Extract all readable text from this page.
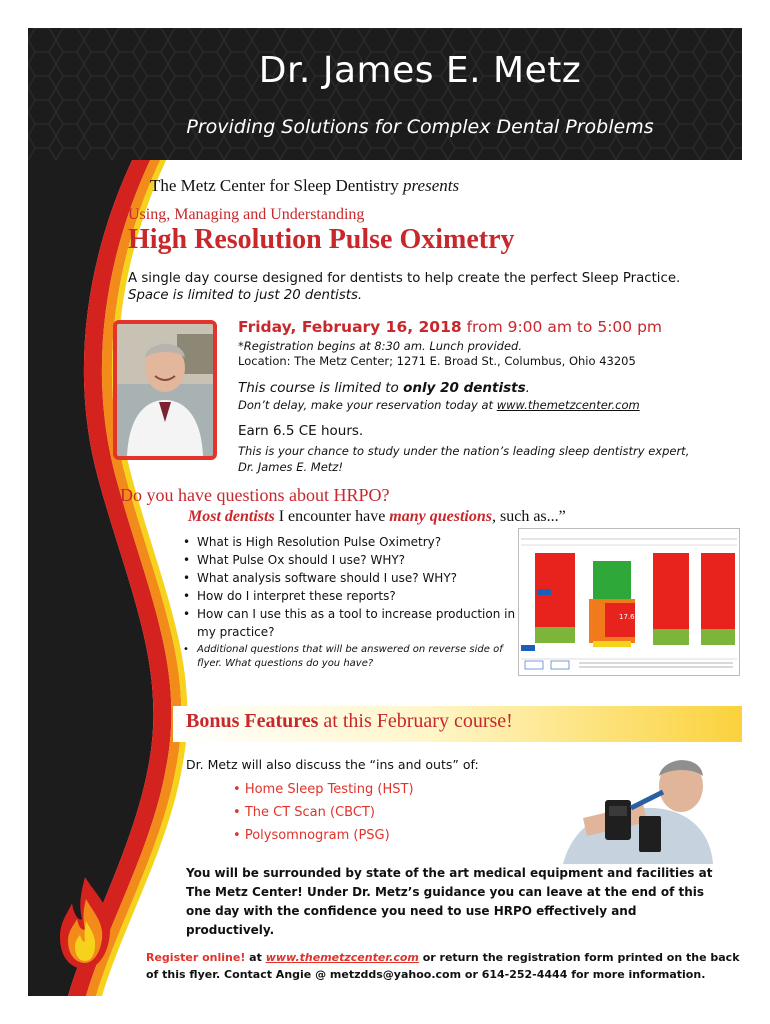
Dr. James E. Metz
Providing Solutions for Complex Dental Problems
The Metz Center for Sleep Dentistry presents
Using, Managing and Understanding
High Resolution Pulse Oximetry
A single day course designed for dentists to help create the perfect Sleep Practice.
Space is limited to just 20 dentists.
Friday, February 16, 2018 from 9:00 am to 5:00 pm
*Registration begins at 8:30 am. Lunch provided.
Location: The Metz Center; 1271 E. Broad St., Columbus, Ohio 43205
This course is limited to only 20 dentists.
Don’t delay, make your reservation today at www.themetzcenter.com
Earn 6.5 CE hours.
This is your chance to study under the nation’s leading sleep dentistry expert,
Dr. James E. Metz!
“Do you have questions about HRPO?
Most dentists I encounter have many questions, such as...”
• What is High Resolution Pulse Oximetry?
• What Pulse Ox should I use? WHY?
• What analysis software should I use? WHY?
• How do I interpret these reports?
• How can I use this as a tool to increase production in my practice?
• Additional questions that will be answered on reverse side of flyer. What questions do you have?
17.6
Bonus Features at this February course!
Dr. Metz will also discuss the “ins and outs” of:
• Home Sleep Testing (HST)
• The CT Scan (CBCT)
• Polysomnogram (PSG)
You will be surrounded by state of the art medical equipment and facilities at The Metz Center! Under Dr. Metz’s guidance you can leave at the end of this one day with the confidence you need to use HRPO effectively and productively.
Register online! at www.themetzcenter.com or return the registration form printed on the back of this flyer. Contact Angie @ metzdds@yahoo.com or 614-252-4444 for more information.
